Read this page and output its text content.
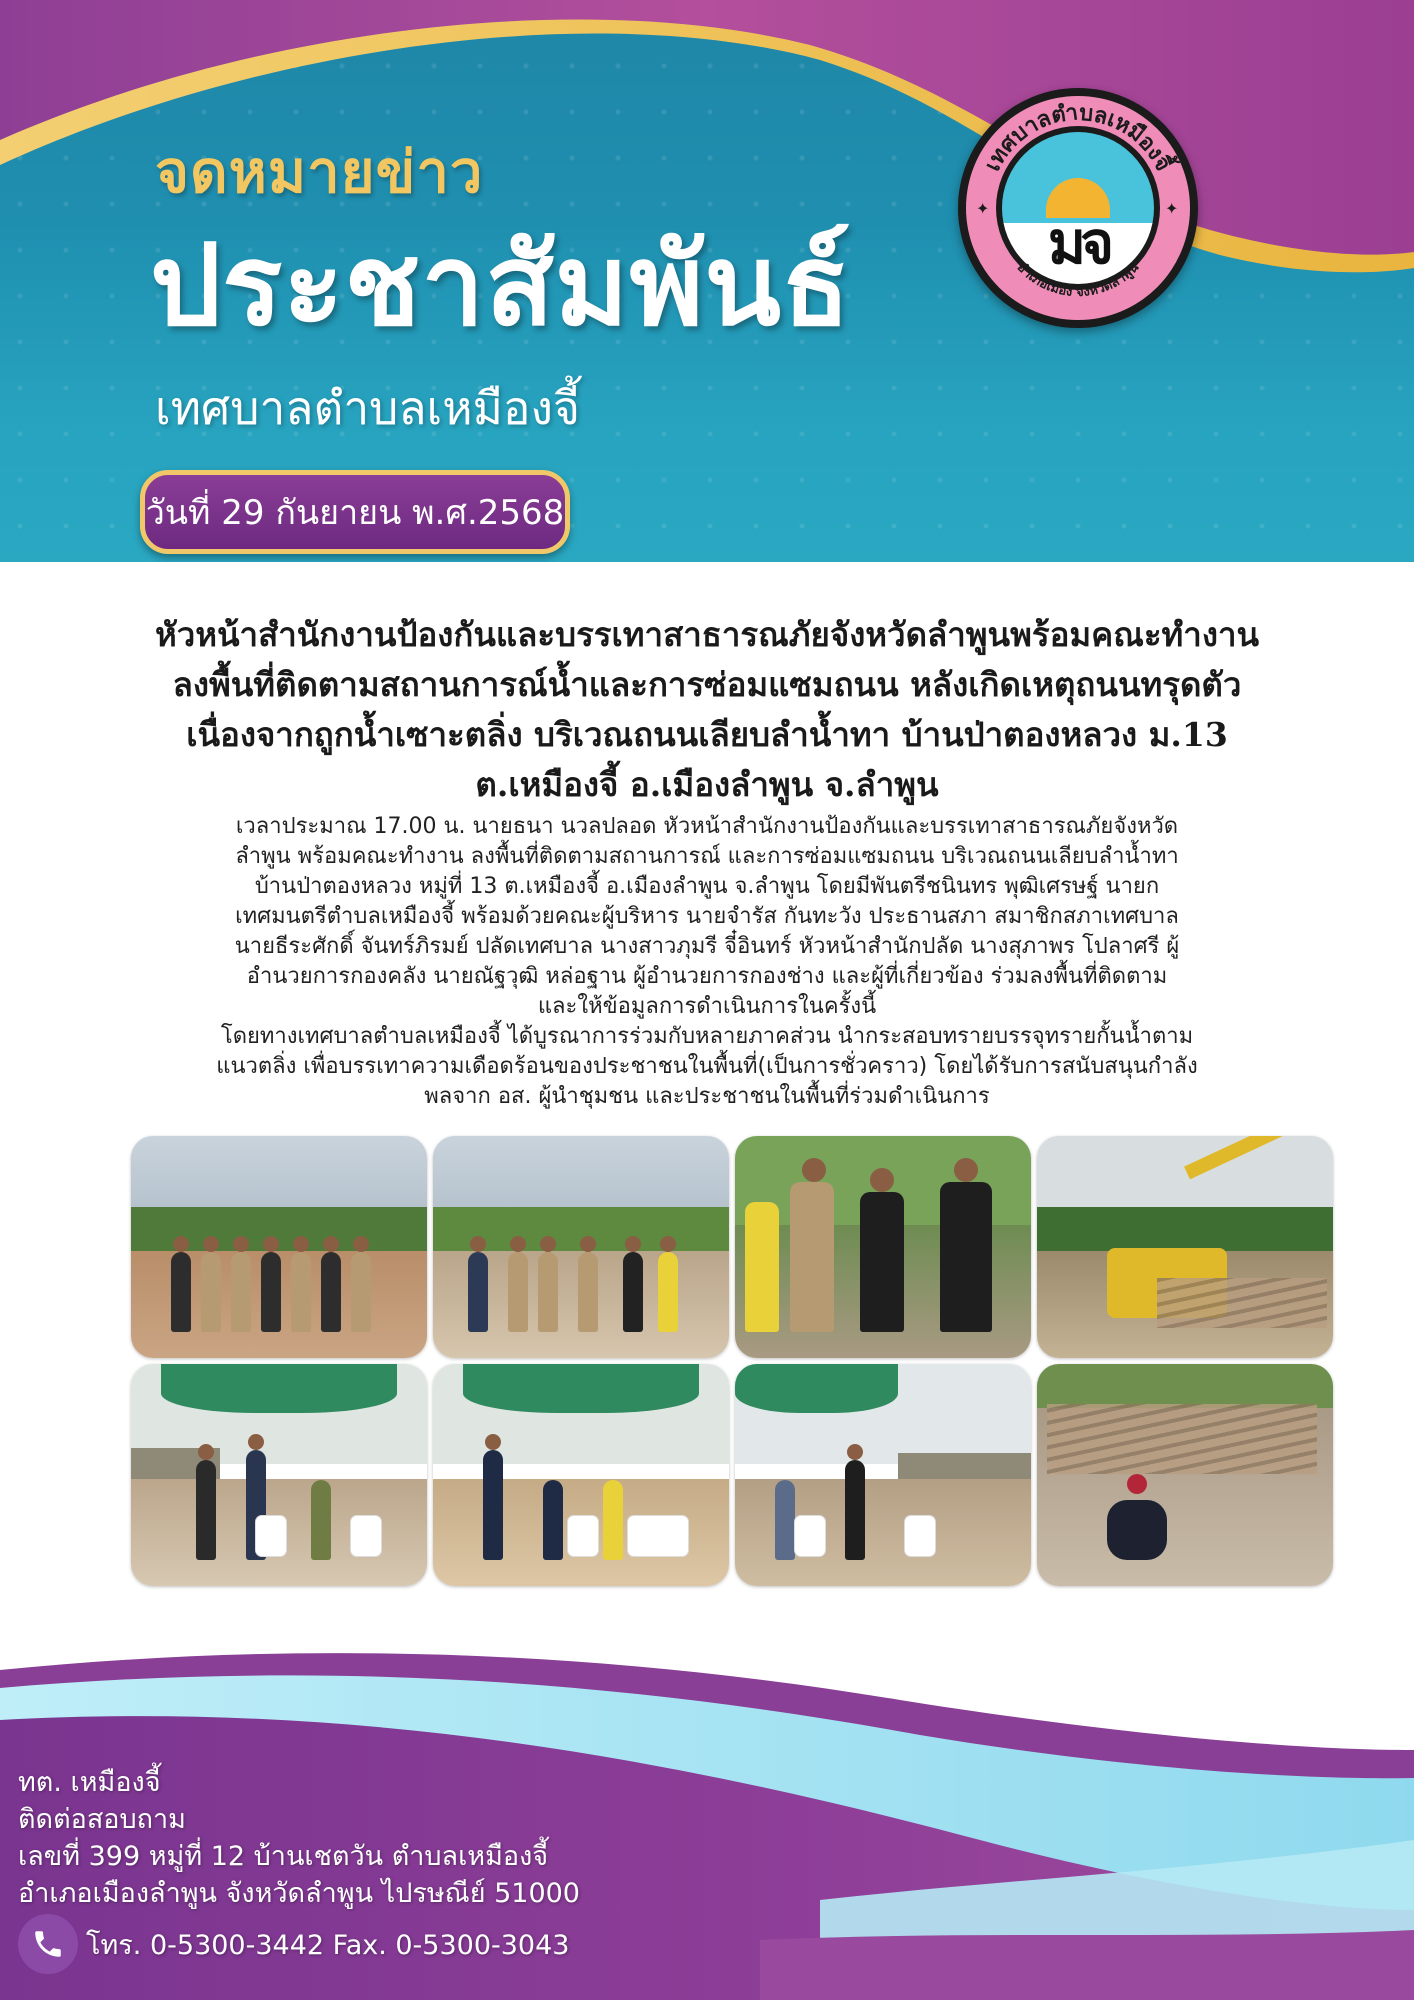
จดหมายข่าว
ประชาสัมพันธ์
เทศบาลตำบลเหมืองจี้
วันที่ 29 กันยายน พ.ศ.2568
มจ
เทศบาลตำบลเหมืองจี้
อำเภอเมือง จังหวัดลำพูน
✦	✦
หัวหน้าสำนักงานป้องกันและบรรเทาสาธารณภัยจังหวัดลำพูนพร้อมคณะทำงาน
ลงพื้นที่ติดตามสถานการณ์น้ำและการซ่อมแซมถนน หลังเกิดเหตุถนนทรุดตัว
เนื่องจากถูกน้ำเซาะตลิ่ง บริเวณถนนเลียบลำน้ำทา บ้านป่าตองหลวง ม.13
ต.เหมืองจี้ อ.เมืองลำพูน จ.ลำพูน
เวลาประมาณ 17.00 น. นายธนา นวลปลอด หัวหน้าสำนักงานป้องกันและบรรเทาสาธารณภัยจังหวัด
ลำพูน พร้อมคณะทำงาน ลงพื้นที่ติดตามสถานการณ์ และการซ่อมแซมถนน บริเวณถนนเลียบลำน้ำทา
บ้านป่าตองหลวง หมู่ที่ 13 ต.เหมืองจี้ อ.เมืองลำพูน จ.ลำพูน โดยมีพันตรีชนินทร พุฒิเศรษฐ์ นายก
เทศมนตรีตำบลเหมืองจี้ พร้อมด้วยคณะผู้บริหาร นายจำรัส กันทะวัง ประธานสภา สมาชิกสภาเทศบาล
นายธีระศักดิ์ จันทร์ภิรมย์ ปลัดเทศบาล นางสาวภุมรี จี๋อินทร์ หัวหน้าสำนักปลัด นางสุภาพร โปลาศรี ผู้
อำนวยการกองคลัง นายณัฐวุฒิ หล่อฐาน ผู้อำนวยการกองช่าง และผู้ที่เกี่ยวข้อง ร่วมลงพื้นที่ติดตาม
และให้ข้อมูลการดำเนินการในครั้งนี้
โดยทางเทศบาลตำบลเหมืองจี้ ได้บูรณาการร่วมกับหลายภาคส่วน นำกระสอบทรายบรรจุทรายกั้นน้ำตาม
แนวตลิ่ง เพื่อบรรเทาความเดือดร้อนของประชาชนในพื้นที่(เป็นการชั่วคราว) โดยได้รับการสนับสนุนกำลัง
พลจาก อส. ผู้นำชุมชน และประชาชนในพื้นที่ร่วมดำเนินการ
ทต. เหมืองจี้
ติดต่อสอบถาม
เลขที่ 399 หมู่ที่ 12 บ้านเชตวัน ตำบลเหมืองจี้
อำเภอเมืองลำพูน จังหวัดลำพูน ไปรษณีย์ 51000
โทร. 0-5300-3442 Fax. 0-5300-3043
